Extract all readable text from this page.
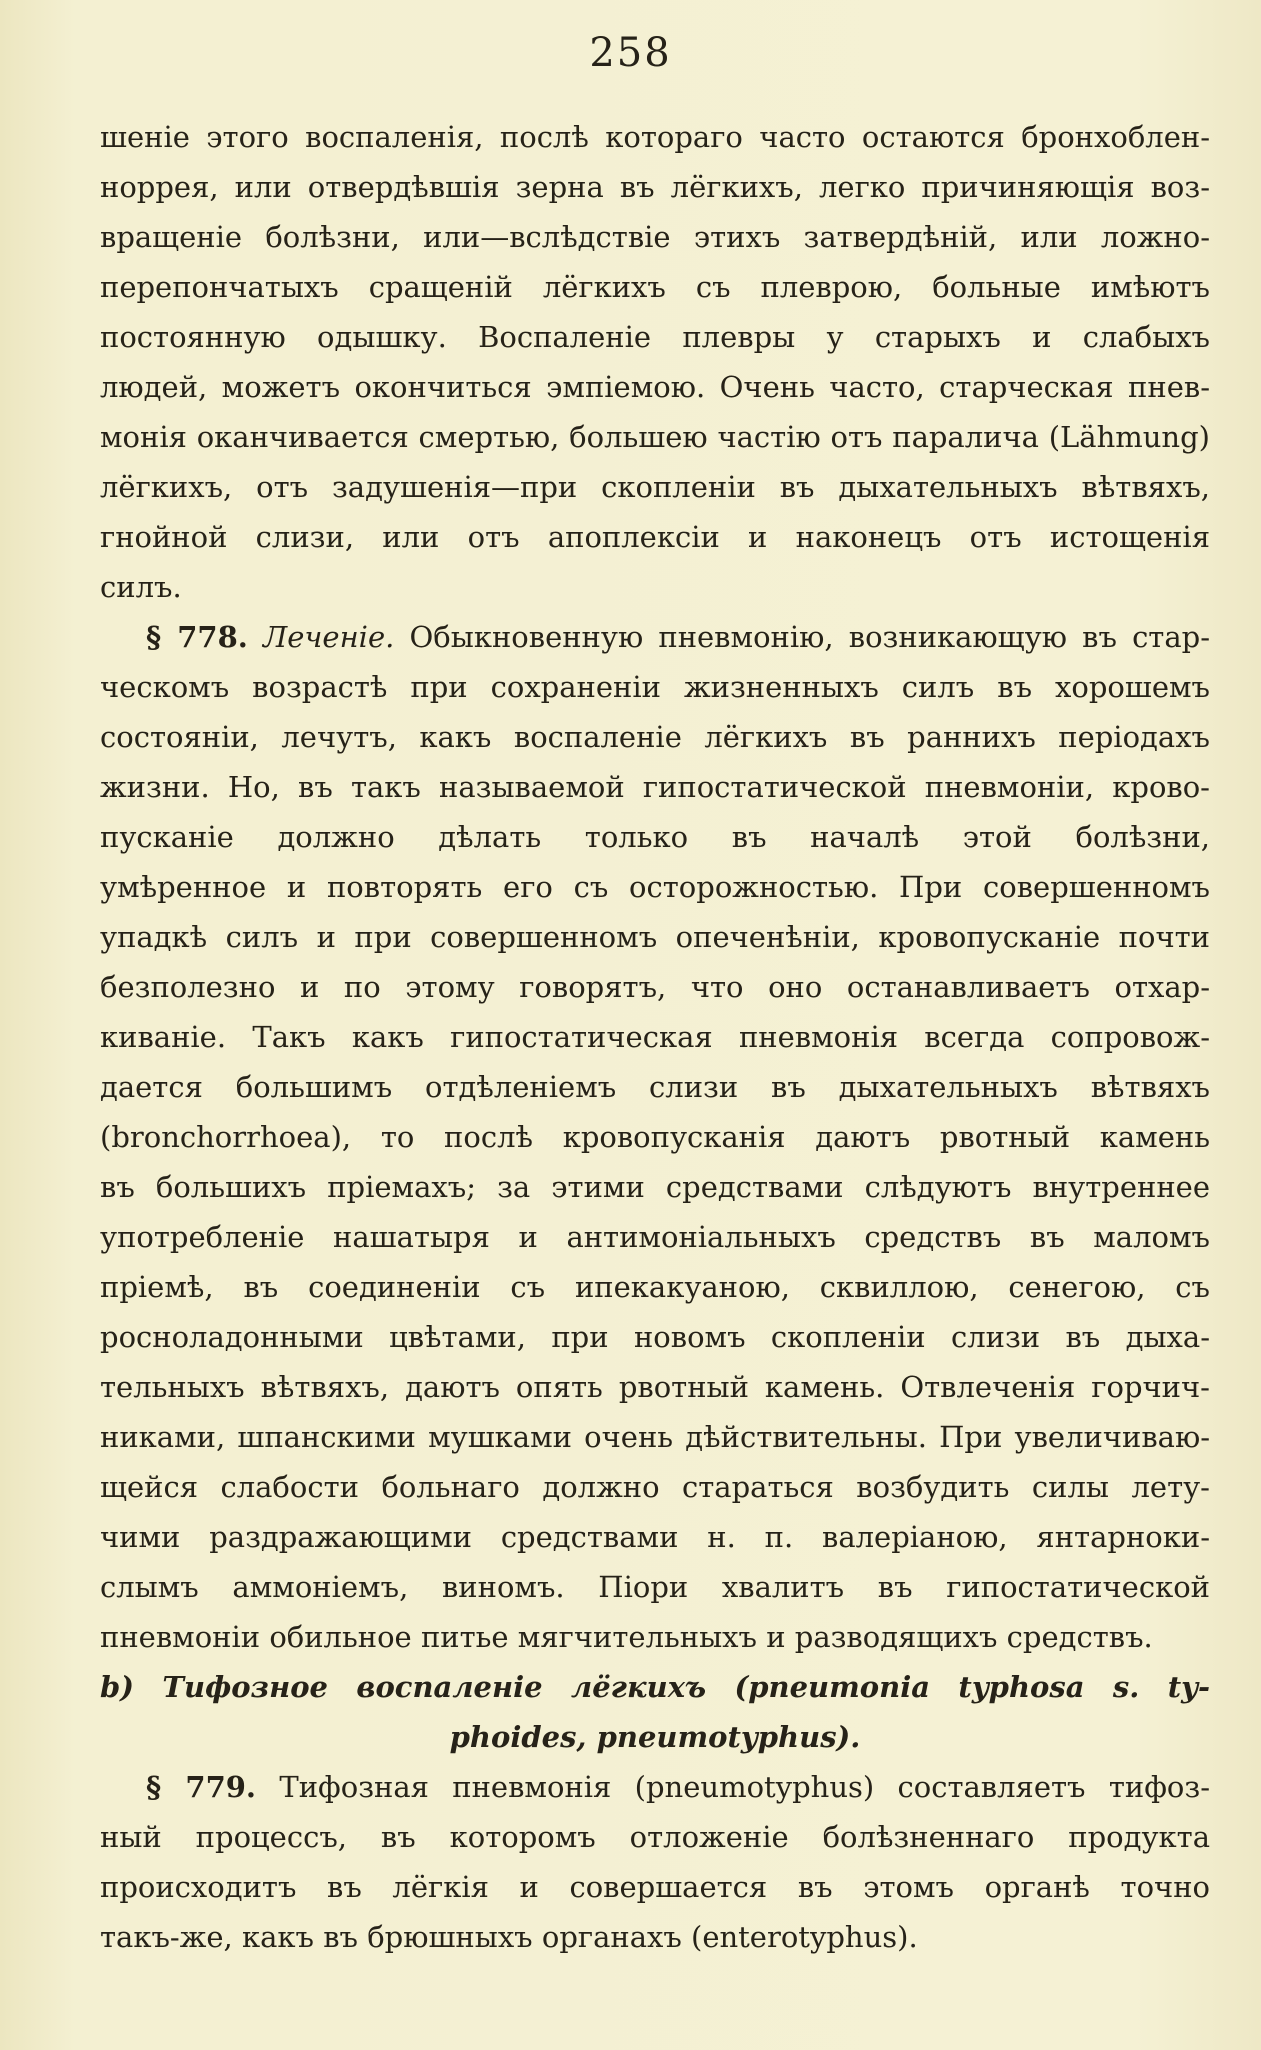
258
шеніе этого воспаленія, послѣ котораго часто остаются бронхоблен-
норрея, или отвердѣвшія зерна въ лёгкихъ, легко причиняющія воз-
вращеніе болѣзни, или—вслѣдствіе этихъ затвердѣній, или ложно-
перепончатыхъ сращеній лёгкихъ съ плеврою, больные имѣютъ
постоянную одышку. Воспаленіе плевры у старыхъ и слабыхъ
людей, можетъ окончиться эмпіемою. Очень часто, старческая пнев-
монія оканчивается смертью, большею частію отъ паралича (Lähmung)
лёгкихъ, отъ задушенія—при скопленіи въ дыхательныхъ вѣтвяхъ,
гнойной слизи, или отъ апоплексіи и наконецъ отъ истощенія
силъ.
§ 778. Леченіе. Обыкновенную пневмонію, возникающую въ стар-
ческомъ возрастѣ при сохраненіи жизненныхъ силъ въ хорошемъ
состояніи, лечутъ, какъ воспаленіе лёгкихъ въ раннихъ періодахъ
жизни. Но, въ такъ называемой гипостатической пневмоніи, крово-
пусканіе должно дѣлать только въ началѣ этой болѣзни,
умѣренное и повторять его съ осторожностью. При совершенномъ
упадкѣ силъ и при совершенномъ опеченѣніи, кровопусканіе почти
безполезно и по этому говорятъ, что оно останавливаетъ отхар-
киваніе. Такъ какъ гипостатическая пневмонія всегда сопровож-
дается большимъ отдѣленіемъ слизи въ дыхательныхъ вѣтвяхъ
(bronchorrhoea), то послѣ кровопусканія даютъ рвотный камень
въ большихъ пріемахъ; за этими средствами слѣдуютъ внутреннее
употребленіе нашатыря и антимоніальныхъ средствъ въ маломъ
пріемѣ, въ соединеніи съ ипекакуаною, сквиллою, сенегою, съ
росноладонными цвѣтами, при новомъ скопленіи слизи въ дыха-
тельныхъ вѣтвяхъ, даютъ опять рвотный камень. Отвлеченія горчич-
никами, шпанскими мушками очень дѣйствительны. При увеличиваю-
щейся слабости больнаго должно стараться возбудить силы лету-
чими раздражающими средствами н. п. валеріаною, янтарноки-
слымъ аммоніемъ, виномъ. Піори хвалитъ въ гипостатической
пневмоніи обильное питье мягчительныхъ и разводящихъ средствъ.
b) Тифозное воспаленіе лёгкихъ (pneumonia typhosa s. ty-
phoides, pneumotyphus).
§ 779. Тифозная пневмонія (pneumotyphus) составляетъ тифоз-
ный процессъ, въ которомъ отложеніе болѣзненнаго продукта
происходитъ въ лёгкія и совершается въ этомъ органѣ точно
такъ-же, какъ въ брюшныхъ органахъ (enterotyphus).
